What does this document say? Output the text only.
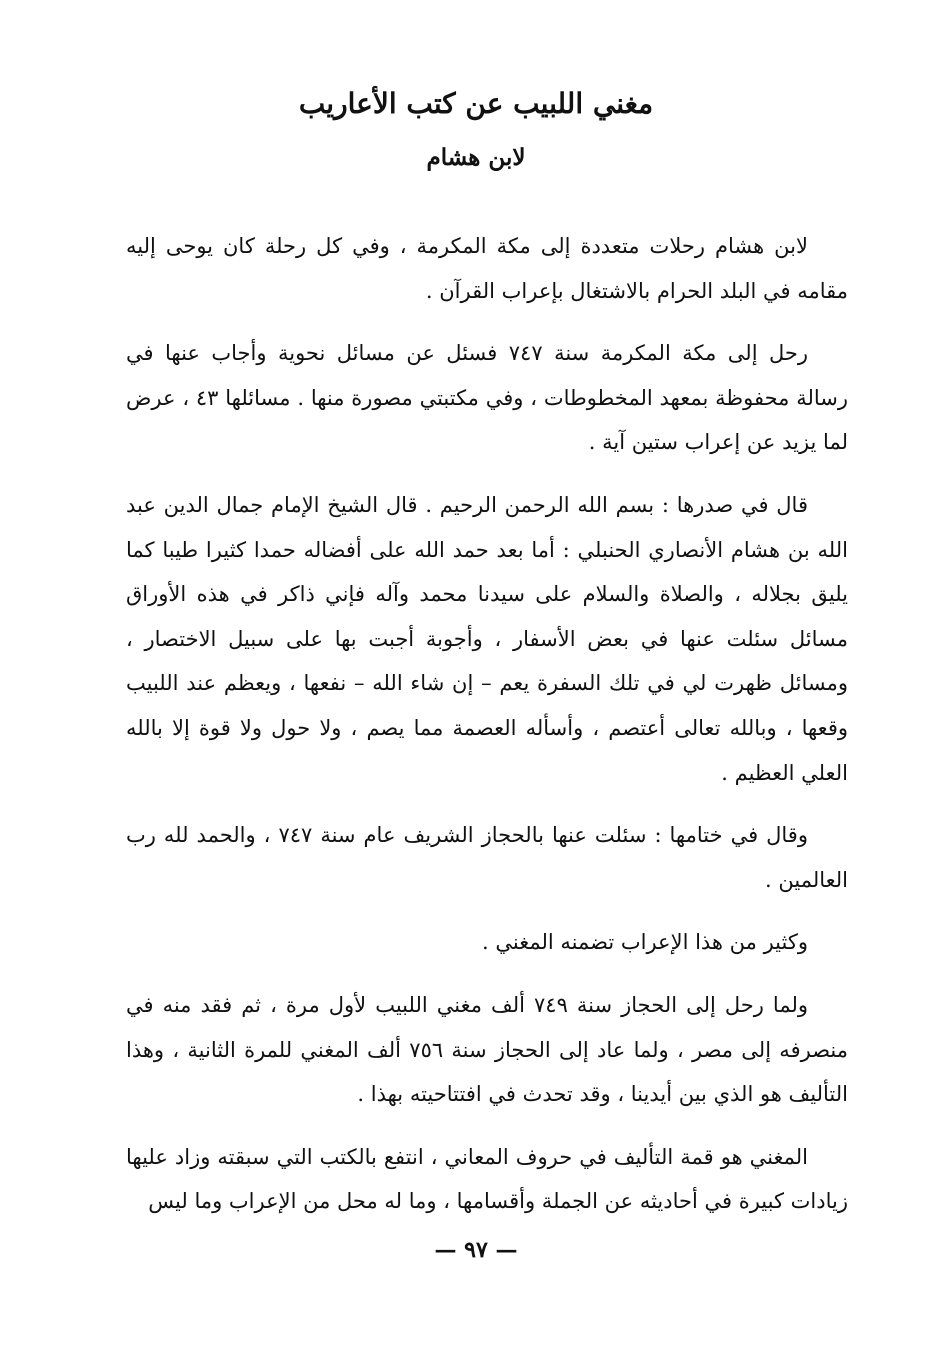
مغني اللبيب عن كتب الأعاريب
لابن هشام

لابن هشام رحلات متعددة إلى مكة المكرمة ، وفي كل رحلة كان يوحى إليه مقامه في البلد الحرام بالاشتغال بإعراب القرآن .

رحل إلى مكة المكرمة سنة ٧٤٧ فسئل عن مسائل نحوية وأجاب عنها في رسالة محفوظة بمعهد المخطوطات ، وفي مكتبتي مصورة منها . مسائلها ٤٣ ، عرض لما يزيد عن إعراب ستين آية .

قال في صدرها : بسم الله الرحمن الرحيم . قال الشيخ الإمام جمال الدين عبد الله بن هشام الأنصاري الحنبلي : أما بعد حمد الله على أفضاله حمدا كثيرا طيبا كما يليق بجلاله ، والصلاة والسلام على سيدنا محمد وآله فإني ذاكر في هذه الأوراق مسائل سئلت عنها في بعض الأسفار ، وأجوبة أجبت بها على سبيل الاختصار ، ومسائل ظهرت لي في تلك السفرة يعم – إن شاء الله – نفعها ، ويعظم عند اللبيب وقعها ، وبالله تعالى أعتصم ، وأسأله العصمة مما يصم ، ولا حول ولا قوة إلا بالله العلي العظيم .

وقال في ختامها : سئلت عنها بالحجاز الشريف عام سنة ٧٤٧ ، والحمد لله رب العالمين .

وكثير من هذا الإعراب تضمنه المغني .

ولما رحل إلى الحجاز سنة ٧٤٩ ألف مغني اللبيب لأول مرة ، ثم فقد منه في منصرفه إلى مصر ، ولما عاد إلى الحجاز سنة ٧٥٦ ألف المغني للمرة الثانية ، وهذا التأليف هو الذي بين أيدينا ، وقد تحدث في افتتاحيته بهذا .

المغني هو قمة التأليف في حروف المعاني ، انتفع بالكتب التي سبقته وزاد عليها زيادات كبيرة في أحاديثه عن الجملة وأقسامها ، وما له محل من الإعراب وما ليس

— ٩٧ —
